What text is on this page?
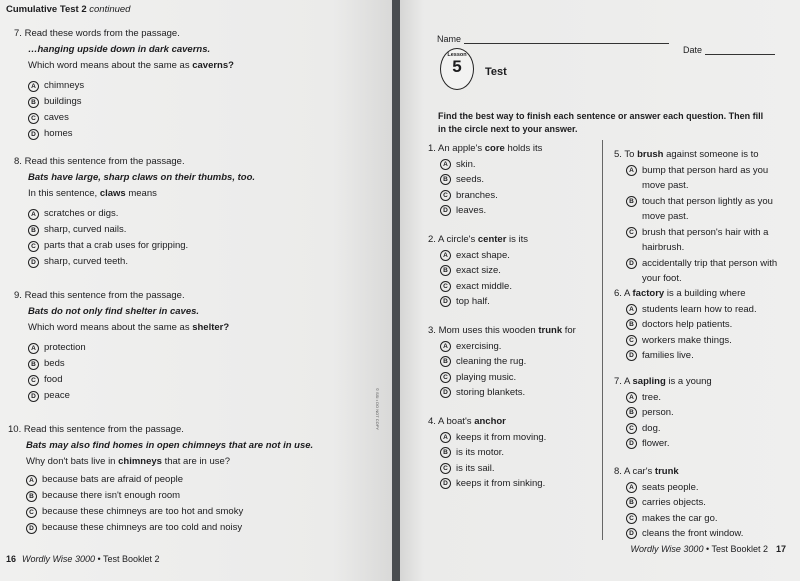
Cumulative Test 2 continued
7. Read these words from the passage.
…hanging upside down in dark caverns.
Which word means about the same as caverns?
A chimneys
B buildings
C caves
D homes
8. Read this sentence from the passage.
Bats have large, sharp claws on their thumbs, too.
In this sentence, claws means
A scratches or digs.
B sharp, curved nails.
C parts that a crab uses for gripping.
D sharp, curved teeth.
9. Read this sentence from the passage.
Bats do not only find shelter in caves.
Which word means about the same as shelter?
A protection
B beds
C food
D peace
10. Read this sentence from the passage.
Bats may also find homes in open chimneys that are not in use.
Why don't bats live in chimneys that are in use?
A because bats are afraid of people
B because there isn't enough room
C because these chimneys are too hot and smoky
D because these chimneys are too cold and noisy
16 Wordly Wise 3000 • Test Booklet 2
© SSI • DO NOT COPY
Name
Date
Lesson
5	Test
Find the best way to finish each sentence or answer each question. Then fill in the circle next to your answer.
1. An apple's core holds its
A skin.
B seeds.
C branches.
D leaves.
2. A circle's center is its
A exact shape.
B exact size.
C exact middle.
D top half.
3. Mom uses this wooden trunk for
A exercising.
B cleaning the rug.
C playing music.
D storing blankets.
4. A boat's anchor
A keeps it from moving.
B is its motor.
C is its sail.
D keeps it from sinking.
5. To brush against someone is to
A bump that person hard as you
move past.
B touch that person lightly as you
move past.
C brush that person's hair with a
hairbrush.
D accidentally trip that person with
your foot.
6. A factory is a building where
A students learn how to read.
B doctors help patients.
C workers make things.
D families live.
7. A sapling is a young
A tree.
B person.
C dog.
D flower.
8. A car's trunk
A seats people.
B carries objects.
C makes the car go.
D cleans the front window.
Wordly Wise 3000 • Test Booklet 2 17
